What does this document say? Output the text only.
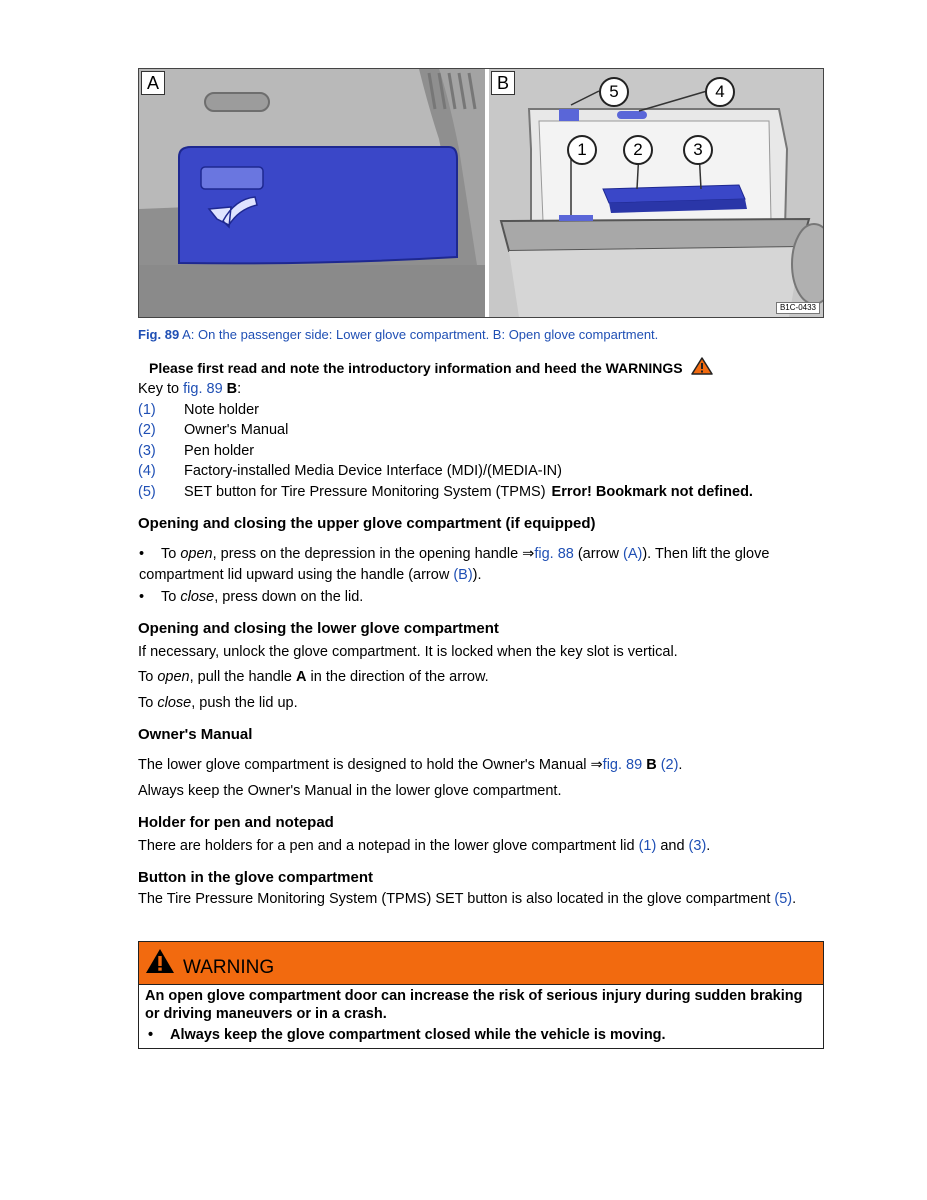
A	B	5	4
1	2	3
B1C-0433
Fig. 89 A: On the passenger side: Lower glove compartment. B: Open glove compartment.
Please first read and note the introductory information and heed the WARNINGS
Key to fig. 89 B:
(1)	Note holder
(2)	Owner's Manual
(3)	Pen holder
(4)	Factory-installed Media Device Interface (MDI)/(MEDIA-IN)
(5)	SET button for Tire Pressure Monitoring System (TPMS) Error! Bookmark not defined.
Opening and closing the upper glove compartment (if equipped)
•	To open, press on the depression in the opening handle ⇒fig. 88 (arrow (A)). Then lift the glove compartment lid upward using the handle (arrow (B)).
•	To close, press down on the lid.
Opening and closing the lower glove compartment

If necessary, unlock the glove compartment. It is locked when the key slot is vertical.

To open, pull the handle A in the direction of the arrow.

To close, push the lid up.

Owner's Manual

The lower glove compartment is designed to hold the Owner's Manual ⇒fig. 89 B (2).

Always keep the Owner's Manual in the lower glove compartment.

Holder for pen and notepad

There are holders for a pen and a notepad in the lower glove compartment lid (1) and (3).

Button in the glove compartment

The Tire Pressure Monitoring System (TPMS) SET button is also located in the glove compartment (5).

WARNING

An open glove compartment door can increase the risk of serious injury during sudden braking or driving maneuvers or in a crash.

•	Always keep the glove compartment closed while the vehicle is moving.
